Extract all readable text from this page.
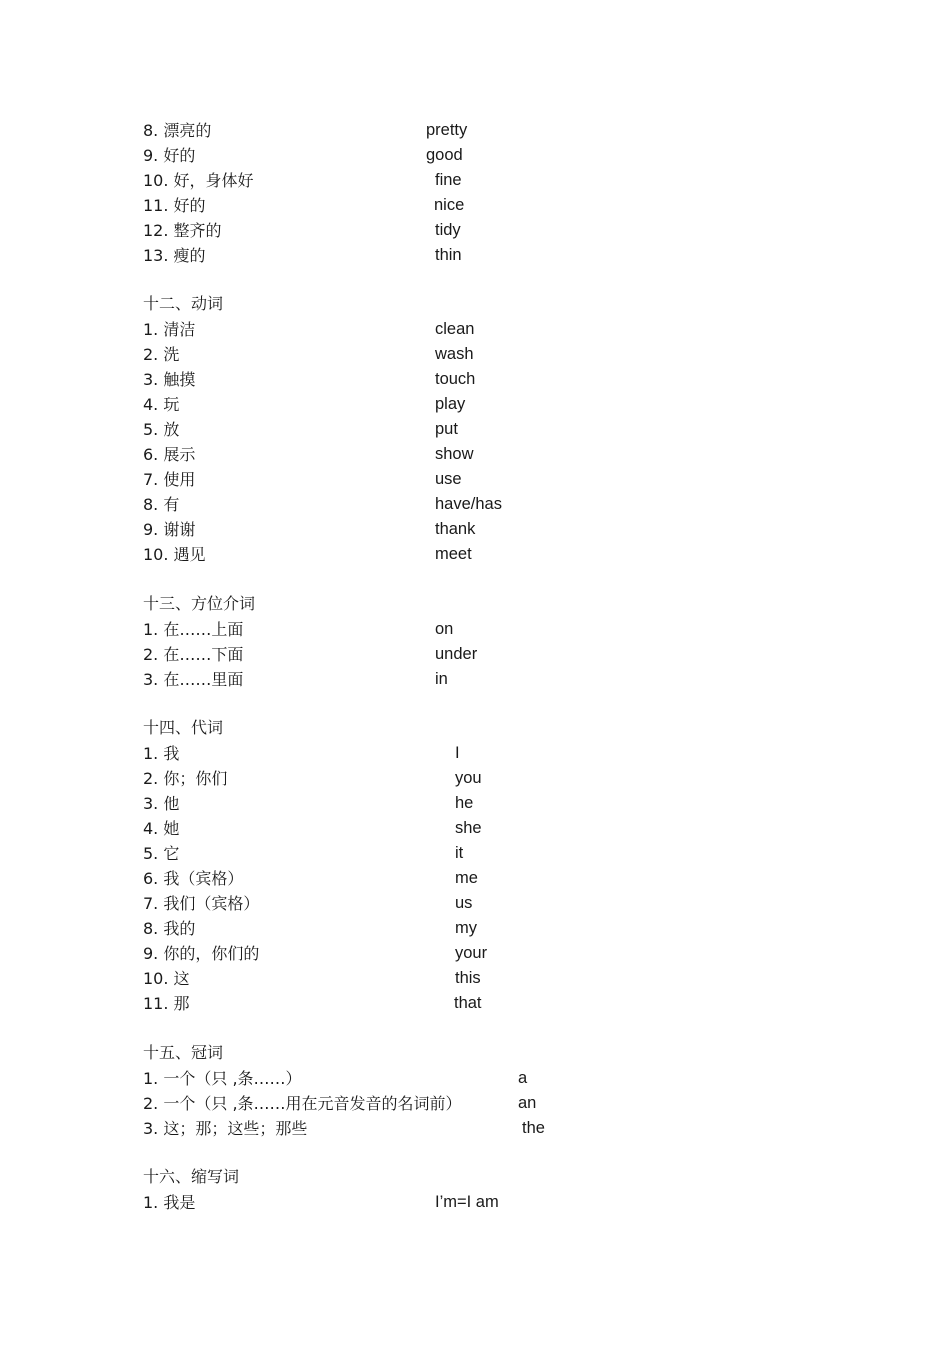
8. 漂亮的	pretty
9. 好的	good
10. 好，身体好	fine
11. 好的	nice
12. 整齐的	tidy
13. 瘦的	thin
十二、动词
1. 清洁	clean
2. 洗	wash
3. 触摸	touch
4. 玩	play
5. 放	put
6. 展示	show
7. 使用	use
8. 有	have/has
9. 谢谢	thank
10. 遇见	meet
十三、方位介词
1. 在……上面	on
2. 在……下面	under
3. 在……里面	in
十四、代词
1. 我	I
2. 你；你们	you
3. 他	he
4. 她	she
5. 它	it
6. 我（宾格）	me
7. 我们（宾格）	us
8. 我的	my
9. 你的，你们的	your
10. 这	this
11. 那	that
十五、冠词
1. 一个（只 ,条……）	a
2. 一个（只 ,条……用在元音发音的名词前）	an
3. 这；那；这些；那些	the
十六、缩写词
1. 我是	I’m=I am
